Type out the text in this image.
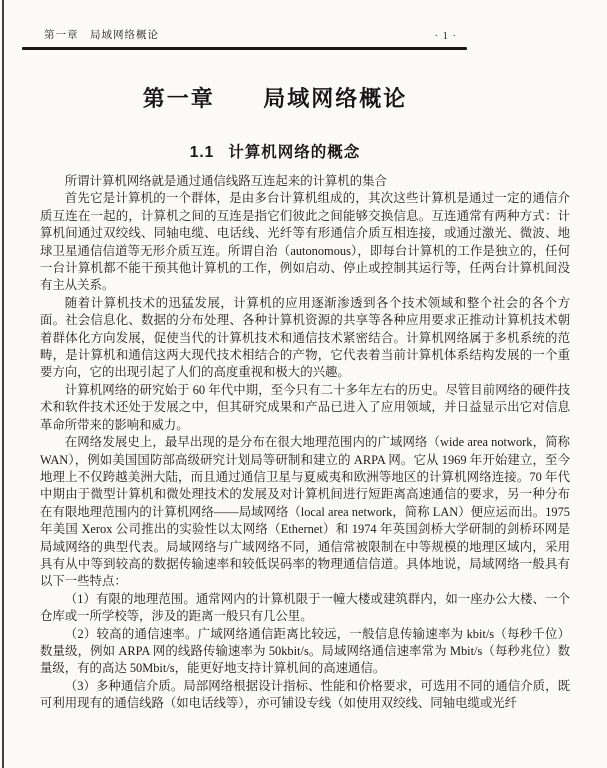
第一章　局域网络概论	· 1 ·
第一章 局域网络概论
1.1 计算机网络的概念

所谓计算机网络就是通过通信线路互连起来的计算机的集合

首先它是计算机的一个群体，是由多台计算机组成的，其次这些计算机是通过一定的通信介质互连在一起的，计算机之间的互连是指它们彼此之间能够交换信息。互连通常有两种方式：计算机间通过双绞线、同轴电缆、电话线、光纤等有形通信介质互相连接，或通过激光、微波、地球卫星通信信道等无形介质互连。所谓自治（autonomous），即每台计算机的工作是独立的，任何一台计算机都不能干预其他计算机的工作，例如启动、停止或控制其运行等，任两台计算机间没有主从关系。

随着计算机技术的迅猛发展，计算机的应用逐渐渗透到各个技术领域和整个社会的各个方面。社会信息化、数据的分布处理、各种计算机资源的共享等各种应用要求正推动计算机技术朝着群体化方向发展，促使当代的计算机技术和通信技术紧密结合。计算机网络属于多机系统的范畴，是计算机和通信这两大现代技术相结合的产物，它代表着当前计算机体系结构发展的一个重要方向，它的出现引起了人们的高度重视和极大的兴趣。

计算机网络的研究始于 60 年代中期，至今只有二十多年左右的历史。尽管目前网络的硬件技术和软件技术还处于发展之中，但其研究成果和产品已进入了应用领域，并日益显示出它对信息革命所带来的影响和威力。

在网络发展史上，最早出现的是分布在很大地理范围内的广域网络（wide area notwork，简称 WAN），例如美国国防部高级研究计划局等研制和建立的 ARPA 网。它从 1969 年开始建立，至今地理上不仅跨越美洲大陆，而且通过通信卫星与夏威夷和欧洲等地区的计算机网络连接。70 年代中期由于微型计算机和微处理技术的发展及对计算机间进行短距离高速通信的要求，另一种分布在有限地理范围内的计算机网络——局域网络（local area network，简称 LAN）便应运而出。1975 年美国 Xerox 公司推出的实验性以太网络（Ethernet）和 1974 年英国剑桥大学研制的剑桥环网是局域网络的典型代表。局域网络与广域网络不同，通信常被限制在中等规模的地理区域内，采用具有从中等到较高的数据传输速率和较低误码率的物理通信信道。具体地说，局域网络一般具有以下一些特点：

（1）有限的地理范围。通常网内的计算机限于一幢大楼或建筑群内，如一座办公大楼、一个仓库或一所学校等，涉及的距离一般只有几公里。

（2）较高的通信速率。广域网络通信距离比较远，一般信息传输速率为 kbit/s（每秒千位）数量级，例如 ARPA 网的线路传输速率为 50kbit/s。局域网络通信速率常为 Mbit/s（每秒兆位）数量级，有的高达 50Mbit/s，能更好地支持计算机间的高速通信。

（3）多种通信介质。局部网络根据设计指标、性能和价格要求，可选用不同的通信介质，既可利用现有的通信线路（如电话线等），亦可铺设专线（如使用双绞线、同轴电缆或光纤
